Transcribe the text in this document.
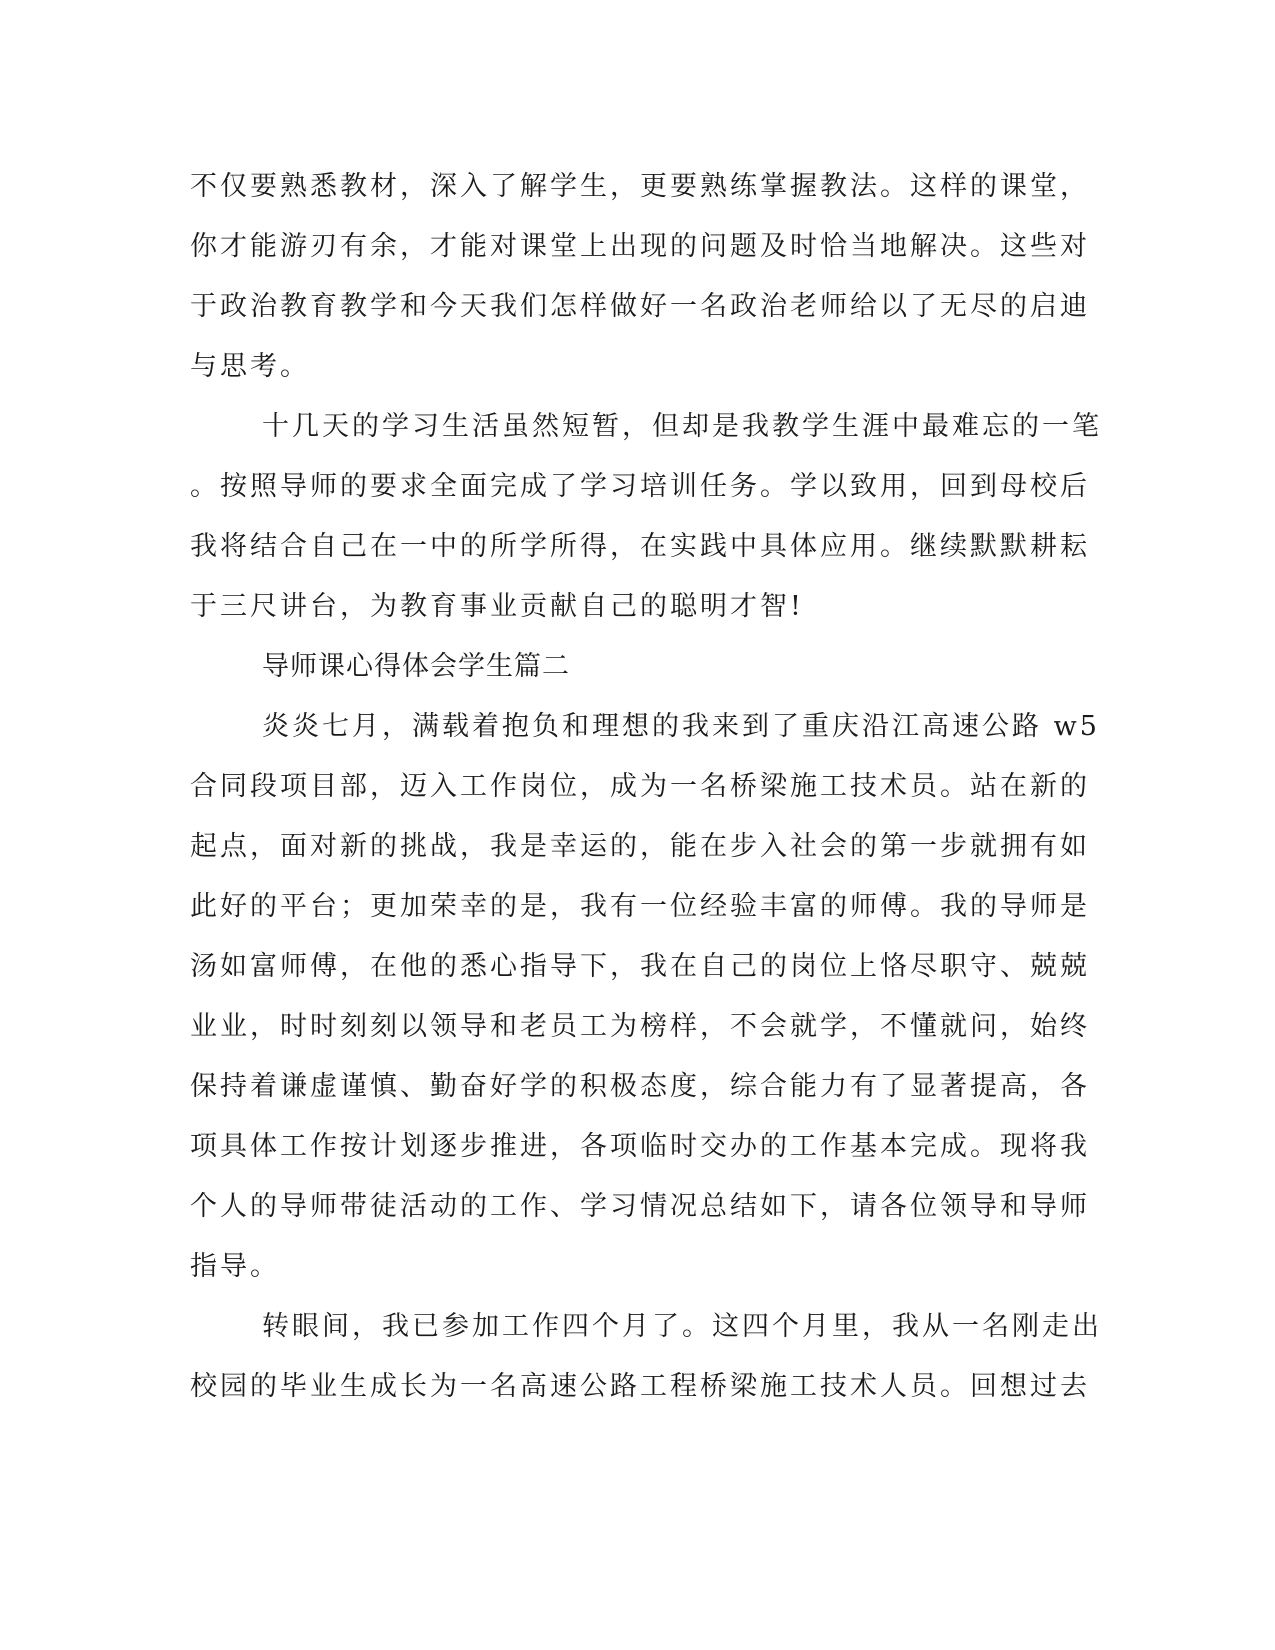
不仅要熟悉教材，深入了解学生，更要熟练掌握教法。这样的课堂，
你才能游刃有余，才能对课堂上出现的问题及时恰当地解决。这些对
于政治教育教学和今天我们怎样做好一名政治老师给以了无尽的启迪
与思考。
十几天的学习生活虽然短暂，但却是我教学生涯中最难忘的一笔
。按照导师的要求全面完成了学习培训任务。学以致用，回到母校后
我将结合自己在一中的所学所得，在实践中具体应用。继续默默耕耘
于三尺讲台，为教育事业贡献自己的聪明才智!
导师课心得体会学生篇二
炎炎七月，满载着抱负和理想的我来到了重庆沿江高速公路 w5
合同段项目部，迈入工作岗位，成为一名桥梁施工技术员。站在新的
起点，面对新的挑战，我是幸运的，能在步入社会的第一步就拥有如
此好的平台；更加荣幸的是，我有一位经验丰富的师傅。我的导师是
汤如富师傅，在他的悉心指导下，我在自己的岗位上恪尽职守、兢兢
业业，时时刻刻以领导和老员工为榜样，不会就学，不懂就问，始终
保持着谦虚谨慎、勤奋好学的积极态度，综合能力有了显著提高，各
项具体工作按计划逐步推进，各项临时交办的工作基本完成。现将我
个人的导师带徒活动的工作、学习情况总结如下，请各位领导和导师
指导。
转眼间，我已参加工作四个月了。这四个月里，我从一名刚走出
校园的毕业生成长为一名高速公路工程桥梁施工技术人员。回想过去
